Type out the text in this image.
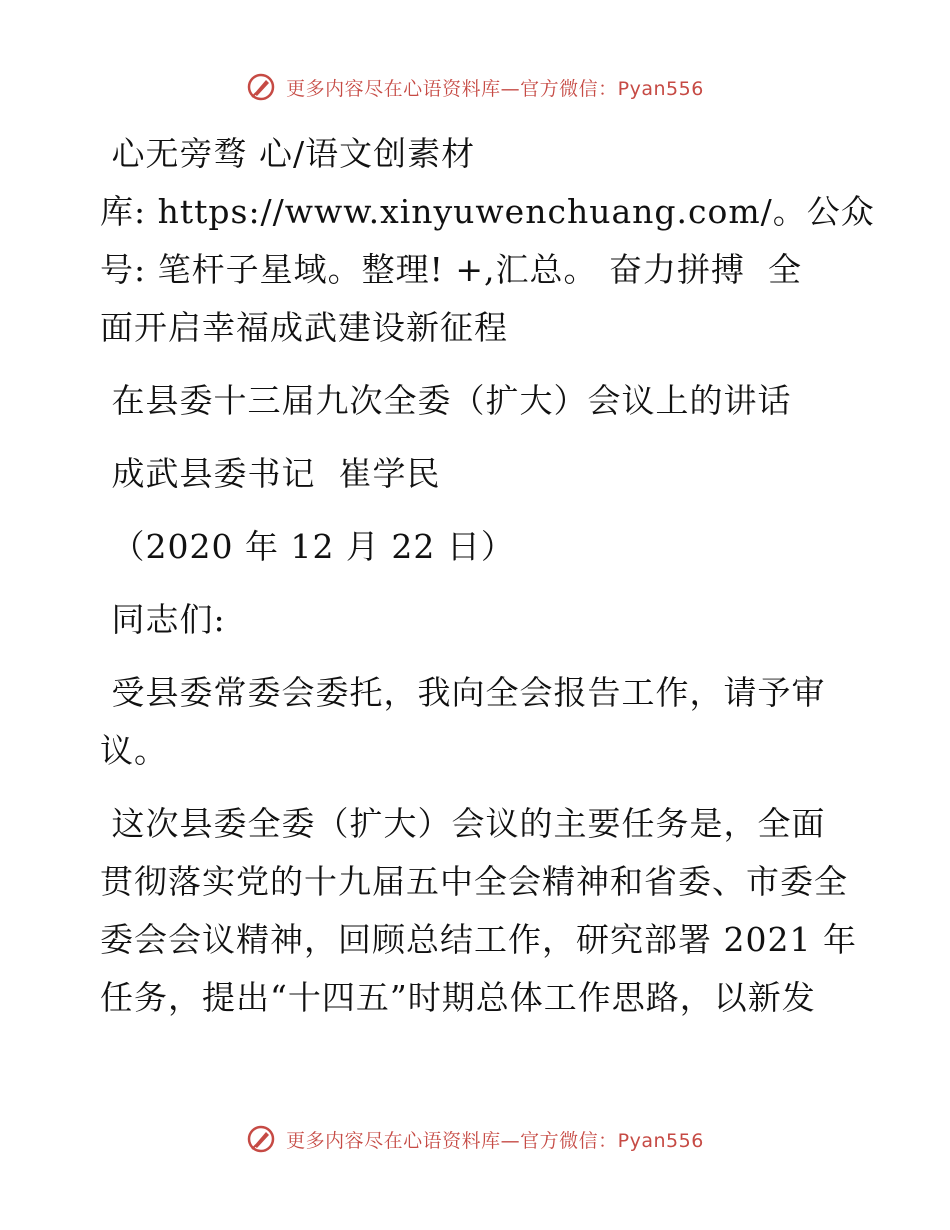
更多内容尽在心语资料库—官方微信：Pyan556
心无旁骛 心/语文创素材
库: https://www.xinyuwenchuang.com/。公众
号: 笔杆子星域。整理! +,汇总。 奋力拼搏  全
面开启幸福成武建设新征程
在县委十三届九次全委（扩大）会议上的讲话
成武县委书记  崔学民
（2020 年 12 月 22 日）
同志们:
受县委常委会委托，我向全会报告工作，请予审
议。
这次县委全委（扩大）会议的主要任务是，全面
贯彻落实党的十九届五中全会精神和省委、市委全
委会会议精神，回顾总结工作，研究部署 2021 年
任务，提出“十四五”时期总体工作思路，以新发
更多内容尽在心语资料库—官方微信：Pyan556
